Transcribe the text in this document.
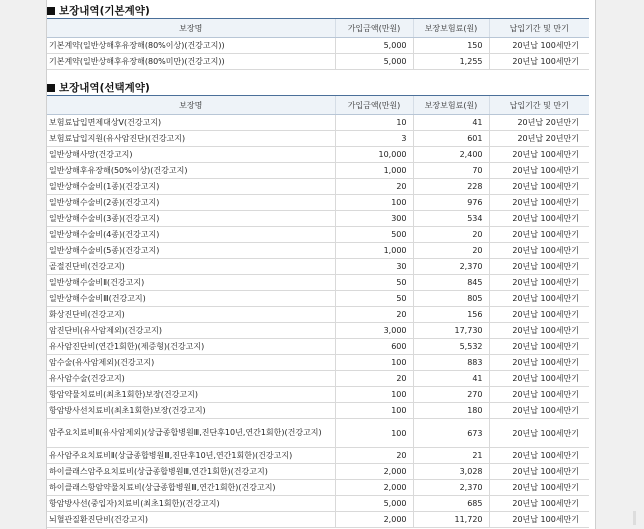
보장내역(기본계약)
보장명	가입금액(만원)	보장보험료(원)	납입기간 및 만기
기본계약(일반상해후유장해(80%이상)(건강고지))	5,000	150	20년납 100세만기
기본계약(일반상해후유장해(80%미만)(건강고지))	5,000	1,255	20년납 100세만기
보장내역(선택계약)
보장명	가입금액(만원)	보장보험료(원)	납입기간 및 만기
보험료납입면제대상Ⅴ(건강고지)	10	41	20년납 20년만기
보험료납입지원(유사암진단)(건강고지)	3	601	20년납 20년만기
일반상해사망(건강고지)	10,000	2,400	20년납 100세만기
일반상해후유장해(50%이상)(건강고지)	1,000	70	20년납 100세만기
일반상해수술비(1종)(건강고지)	20	228	20년납 100세만기
일반상해수술비(2종)(건강고지)	100	976	20년납 100세만기
일반상해수술비(3종)(건강고지)	300	534	20년납 100세만기
일반상해수술비(4종)(건강고지)	500	20	20년납 100세만기
일반상해수술비(5종)(건강고지)	1,000	20	20년납 100세만기
골절진단비(건강고지)	30	2,370	20년납 100세만기
일반상해수술비Ⅱ(건강고지)	50	845	20년납 100세만기
일반상해수술비Ⅲ(건강고지)	50	805	20년납 100세만기
화상진단비(건강고지)	20	156	20년납 100세만기
암진단비(유사암제외)(건강고지)	3,000	17,730	20년납 100세만기
유사암진단비(연간1회한)(제증형)(건강고지)	600	5,532	20년납 100세만기
암수술(유사암제외)(건강고지)	100	883	20년납 100세만기
유사암수술(건강고지)	20	41	20년납 100세만기
항암약물치료비(최초1회한)보장(건강고지)	100	270	20년납 100세만기
항암방사선치료비(최초1회한)보장(건강고지)	100	180	20년납 100세만기
암주요치료비Ⅱ(유사암제외)(상급종합병원Ⅲ,진단후10년,연간1회한)(건강고지)	100	673	20년납 100세만기
유사암주요치료비Ⅱ(상급종합병원Ⅲ,진단후10년,연간1회한)(건강고지)	20	21	20년납 100세만기
하이클래스암주요치료비(상급종합병원Ⅲ,연간1회한)(건강고지)	2,000	3,028	20년납 100세만기
하이클래스항암약물치료비(상급종합병원Ⅲ,연간1회한)(건강고지)	2,000	2,370	20년납 100세만기
항암방사선(중입자)치료비(최초1회한)(건강고지)	5,000	685	20년납 100세만기
뇌혈관질환진단비(건강고지)	2,000	11,720	20년납 100세만기
